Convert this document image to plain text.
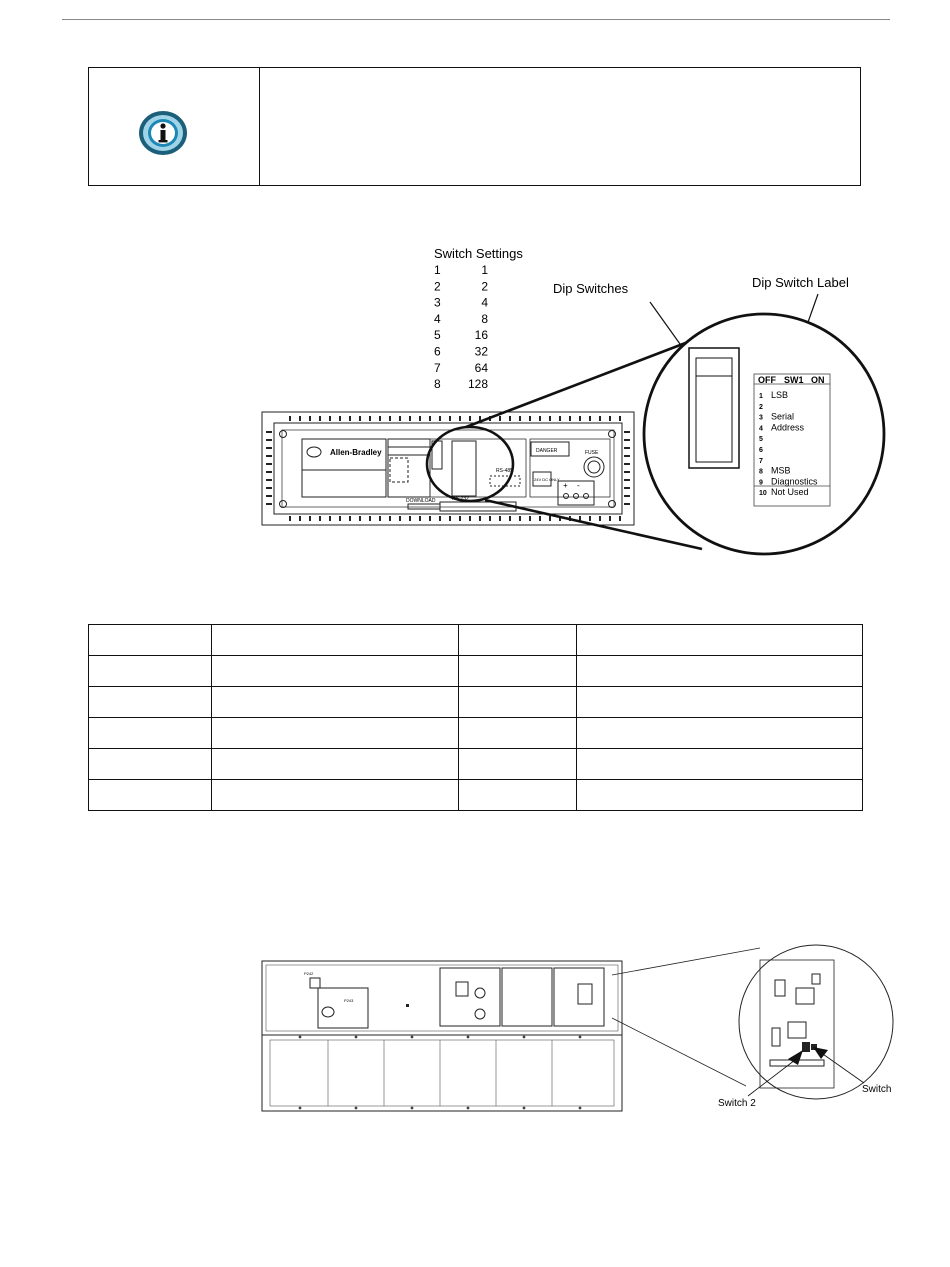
Switch Settings
1	1
2	2
3	4
4	8
5	16
6	32
7	64
8 128
Dip Switches	Dip Switch Label
Allen-Bradley
RS-485
DANGER	FUSE
24V DC ONLY
+ -
DOWNLOAD	RS-232
OFF SW1 ON
1 LSB
2
3 Serial
4 Address
5
6
7
8 MSB
9 Diagnostics
10 Not Used

P243
P242
Switch 2
Switch
